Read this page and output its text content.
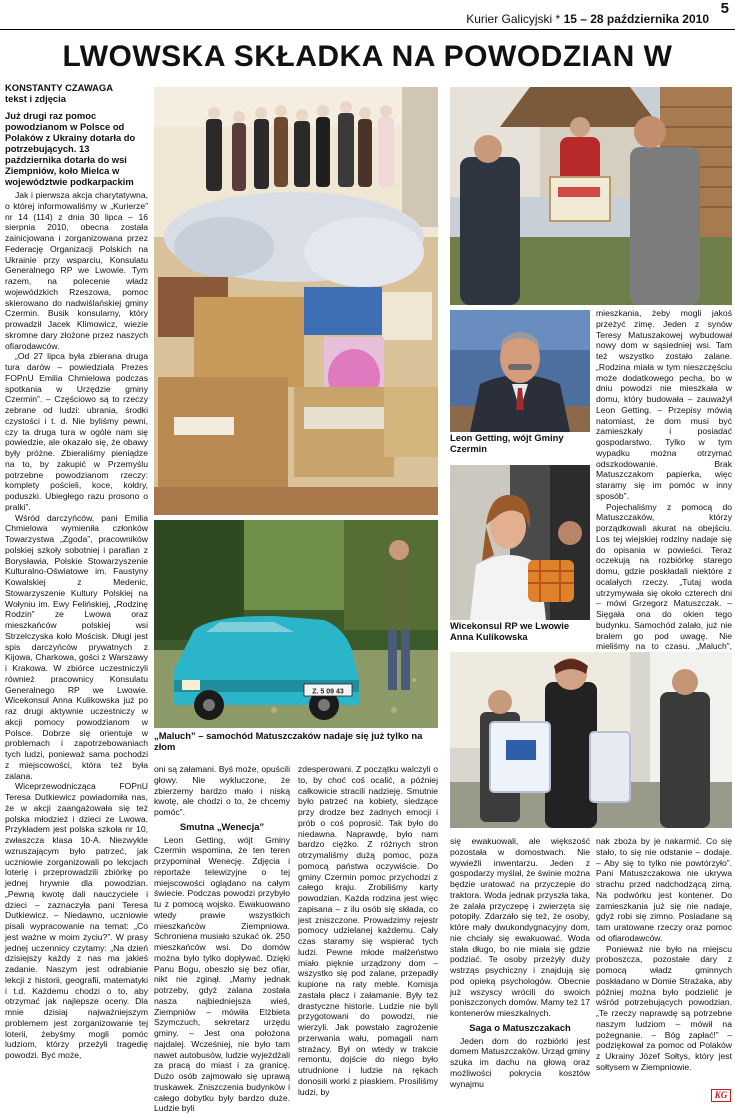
Kurier Galicyjski * 15 – 28 października 2010
5
LWOWSKA SKŁADKA NA POWODZIAN W
KONSTANTY CZAWAGA
tekst i zdjęcia

Już drugi raz pomoc powodzianom w Polsce od Polaków z Ukrainy dotarła do potrzebujących. 13 października dotarła do wsi Ziempniów, koło Mielca w województwie podkarpackim

Jak i pierwsza akcja charytatywna, o której informowaliśmy w „Kurierze” nr 14 (114) z dnia 30 lipca – 16 sierpnia 2010, obecna została zainicjowana i zorganizowana przez Federację Organizacji Polskich na Ukrainie przy wsparciu, Konsulatu Generalnego RP we Lwowie. Tym razem, na polecenie władz wojewódzkich Rzeszowa, pomoc skierowano do nadwiślańskiej gminy Czermin. Busik konsularny, który prowadził Jacek Klimowicz, wiezie skromne dary złożone przez naszych ofiarodawców.

„Od 27 lipca była zbierana druga tura darów – powiedziała Prezes FOPnU Emilia Chmielowa podczas spotkania w Urzędzie gminy Czermin”. – Częściowo są to rzeczy zebrane od ludzi: ubrania, środki czystości i t. d. Nie byliśmy pewni, czy ta druga tura w ogóle nam się powiedzie, ale okazało się, że obawy były próżne. Zbieraliśmy pieniądze na to, by zakupić w Przemyślu potrzebne powodzianom rzeczy: komplety pościeli, koce, kołdry, poduszki. Ubiegłego razu prosono o pralki”.

Wśród darczyńców, pani Emilia Chmielowa wymieniła członków Towarzystwa „Zgoda”, pracowników polskiej szkoły sobotniej i parafian z Borysławia, Polskie Stowarzyszenie Kulturalno-Oświatowe im. Faustyny Kowalskiej z Medenic, Stowarzyszenie Kultury Polskiej na Wołyniu im. Ewy Felińskiej, „Rodzinę Rodzin” ze Lwowa oraz mieszkańców polskiej wsi Strzelczyska koło Mościsk. Długi jest spis darczyńców prywatnych z Kijowa, Charkowa, gości z Warszawy i Krakowa. W zbiórce uczestniczyli również pracownicy Konsulatu Generalnego RP we Lwowie. Wicekonsul Anna Kulikowska już po raz drugi aktywnie uczestniczy w akcji pomocy powodzianom w Polsce. Dobrze się orientuje w problemach i zapotrzebowaniach tych ludzi, ponieważ sama pochodzi z miejscowości, która też była zalana.

Wiceprzewodnicząca FOPnU Teresa Dutkiewicz powiadomiła nas, że w akcji zaangażowała się też polska młodzież i dzieci ze Lwowa. Przykładem jest polska szkoła nr 10, zwłaszcza klasa 10-A. Niezwykle wzruszającym było patrzeć, jak uczniowie zorganizowali po lekcjach loterię i przeprowadzili zbiórkę po jednej hrywnie dla powodzian. „Pewną kwotę dali nauczyciele i dzieci – zaznaczyła pani Teresa Dutkiewicz. – Niedawno, uczniowie pisali wypracowanie na temat: „Co jest ważne w moim życiu?”. W prasy jednej uczennicy czytamy: „Na dzień dzisiejszy każdy z nas ma jakieś zadanie. Naszym jest odrabianie lekcji z historii, geografii, matematyki i t.d. Każdemu chodzi o to, aby otrzymać jak najlepsze oceny. Dla mnie dzisiaj najważniejszym problemem jest zorganizowanie tej loterii, żebyśmy mogli pomóc ludziom, którzy przeżyli tragedię powodzi. Być może,

Z. 5 09 43
„Maluch” – samochód Matuszczaków nadaje się już tylko na złom

oni są załamani. Byś może, opuścili głowy. Nie wykluczone, że zbierzemy bardzo mało i niską kwotę, ale chodzi o to, że chcemy pomóc”.

Smutna „Wenecja”

Leon Getting, wójt Gminy Czermin wspomina, że ten teren przypominał Wenecję. Zdjęcia i reportaże telewizyjne o tej miejscowości oglądano na całym świecie. Podczas powodzi przybyło tu z pomocą wojsko. Ewakuowano wtedy prawie wszystkich mieszkańców Ziempniowa. Schroniena musiało szukać ok. 250 mieszkańców wsi. Do domów można było tylko dopływać. Dzięki Panu Bogu, obeszło się bez ofiar, nikt nie zginął. „Mamy jednak potrzeby, gdyż zalana została nasza najbiedniejsza wieś, Ziempniów – mówiła Elżbieta Szymczuch, sekretarz urzędu gminy. – Jest ona położona najdalej. Wcześniej, nie było tam nawet autobusów, ludzie wyjeżdżali za pracą do miast i za granicę. Dużo osób zajmowało się uprawą truskawek. Zniszczenia budynków i całego dobytku były bardzo duże. Ludzie byli

zdesperowani. Z początku walczyli o to, by choć coś ocalić, a później całkowicie stracili nadzieję. Smutnie było patrzeć na kobiety, siedzące przy drodze bez żadnych emocji i prób o coś poprosić. Tak było do niedawna. Naprawdę, było nam bardzo ciężko. Z różnych stron otrzymaliśmy dużą pomoc, poza pomocą państwa oczywiście. Do gminy Czermin pomoc przychodzi z całego kraju. Zrobiliśmy karty powodzian. Każda rodzina jest więc zapisana – z ilu osób się składa, co jest zniszczone. Prowadzimy rejestr pomocy udzielanej każdemu. Cały czas staramy się wspierać tych ludzi. Pewne młode małżeństwo miało pięknie urządzony dom – wszystko się pod zalane, przepadły kupione na raty meble. Komisja zastała płacz i załamanie. Były też drastyczne historie. Ludzie nie byli przygotowani do powodzi, nie wierzyli. Jak powstało zagrożenie przerwania wału, pomagali nam strażacy. Był on wtedy w trakcie remontu, dojście do niego było utrudnione i ludzie na rękach donosili worki z piaskiem. Prosiliśmy ludzi, by

Leon Getting, wójt Gminy Czermin
Wicekonsul RP we Lwowie Anna Kulikowska

mieszkania, żeby mogli jakoś przeżyć zimę. Jeden z synów Teresy Matuszakowej wybudował nowy dom w sąsiedniej wsi. Tam też wszystko zostało zalane. „Rodzina miała w tym nieszczęściu może dodatkowego pecha, bo w dniu powodzi nie mieszkała w domu, który budowała – zauważył Leon Getting. – Przepisy mówią natomiast, że dom musi być zamieszkały i posiadać gospodarstwo. Tylko w tym wypadku można otrzymać odszkodowanie. Brak Matuszczakom papierka, więc staramy się im pomóc w inny sposób”.

Pojechaliśmy z pomocą do Matuszczaków, którzy porządkowali akurat na obejściu. Los tej wiejskiej rodziny nadaje się do opisania w powieści. Teraz oczekują na rozbiórkę starego domu, gdzie poskładali niektóre z ocalałych rzeczy. „Tutaj woda utrzymywała się około czterech dni – mówi Grzegorz Matuszczak. – Sięgała ona do okien tego budynku. Samochód zalało, już nie bralem go pod uwagę. Nie mieliśmy na to czasu. „Maluch”,

się ewakuowali, ale większość pozostała w domostwach. Nie wywieźli inwentarzu. Jeden z gospodarzy myślał, że świnie można będzie uratować na przyczepie do traktora. Woda jednak przyszła taka, że zalała przyczepę i zwierzęta się potopiły. Zdarzało się też, że osoby, które mały dwukondygnacyjny dom, nie chciały się ewakuować. Woda stała długo, bo nie miała się gdzie podziać. Te osoby przeżyły duży wstrząs psychiczny i znajdują się pod opieką psychologów. Obecnie już wszyscy wrócili do swoich poniszczonych domów. Mamy też 17 kontenerów mieszkalnych.

Saga o Matuszczakach

Jeden dom do rozbiórki jest domem Matuszczaków. Urząd gminy szuka im dachu na głową oraz możliwości pokrycia kosztów wynajmu

nak zboża by je nakarmić. Co się stało, to się nie odstanie – dodaje. – Aby się to tylko nie powtórzyło”. Pani Matuszczakowa nie ukrywa strachu przed nadchodzącą zimą. Na podwórku jest kontener. Do zamieszkania już się nie nadaje, gdyż robi się zimno. Posiadane są tam uratowane rzeczy oraz pomoc od ofiarodawców.

Ponieważ nie było na miejscu proboszcza, pozostałe dary z pomocą władz gminnych poskładano w Domie Strażaka, aby później można było podzielić je wśród potrzebujących powodzian. „Te rzeczy naprawdę są potrzebne naszym ludziom – mówił na pożegnanie. – Bóg zapłać!” – podziękował za pomoc od Polaków z Ukrainy Józef Sołtys, który jest sołtysem w Ziempniowie.

KG
